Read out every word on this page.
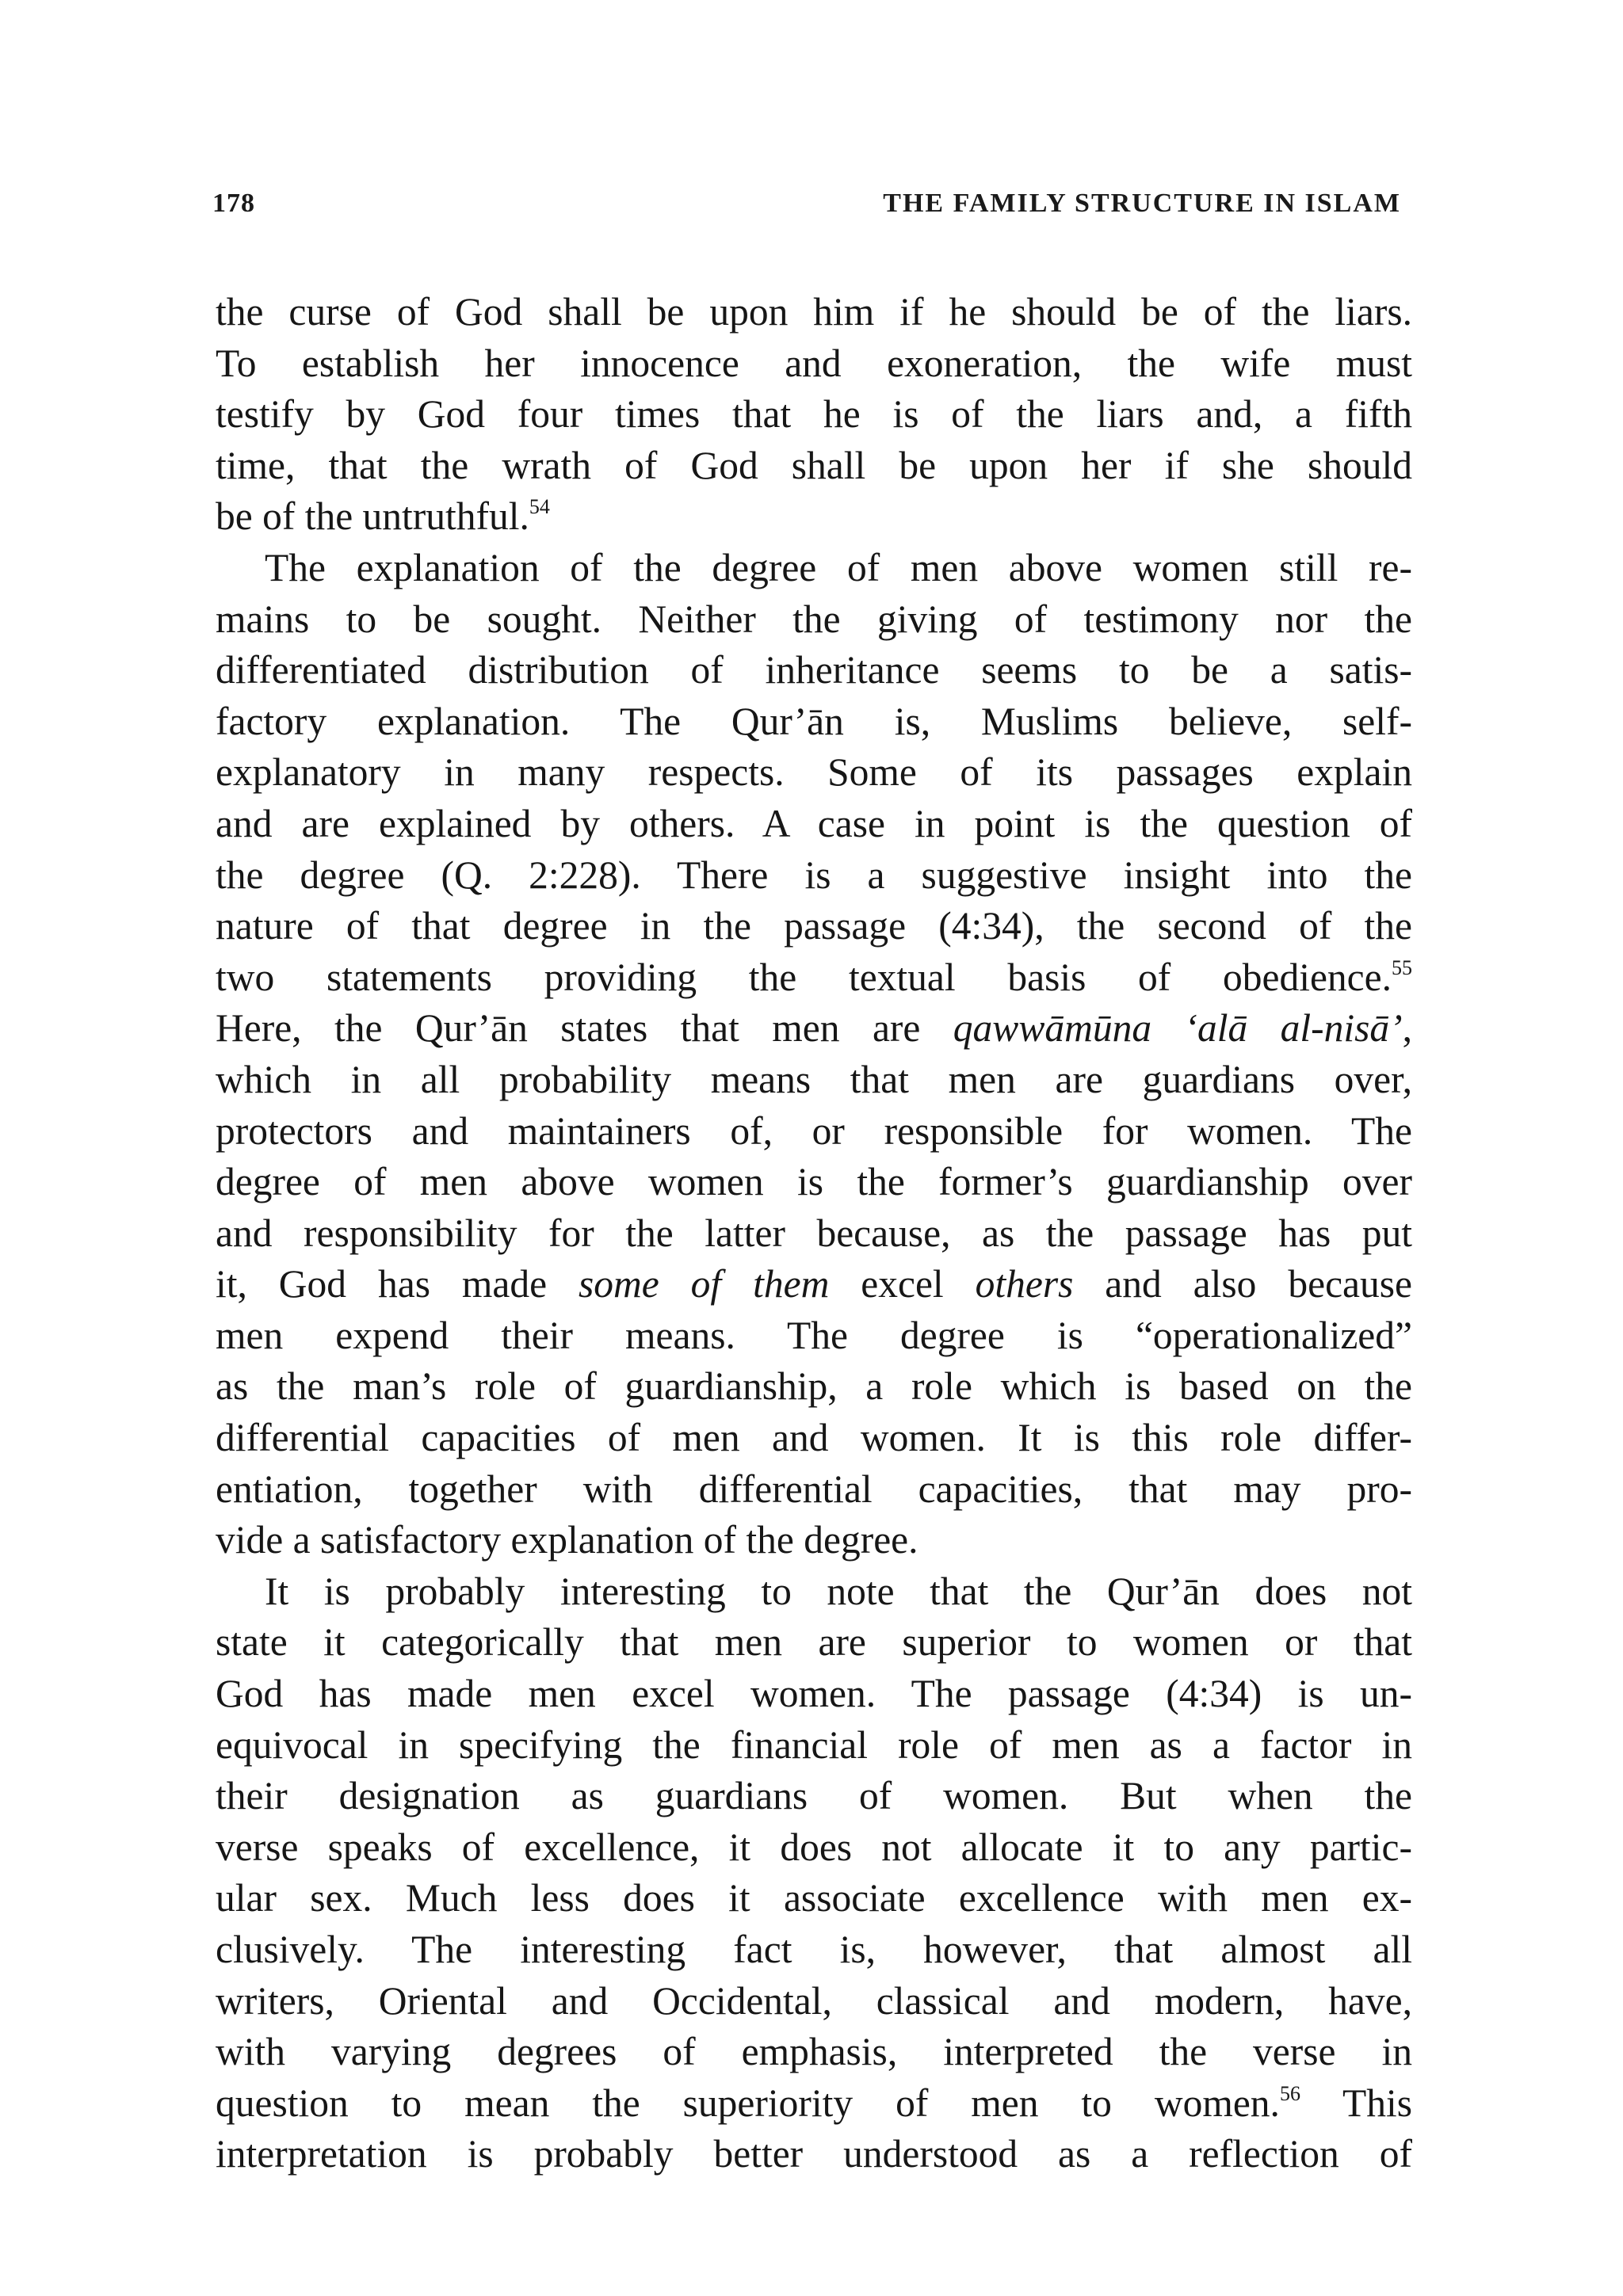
178	THE FAMILY STRUCTURE IN ISLAM
the curse of God shall be upon him if he should be of the liars.
To establish her innocence and exoneration, the wife must
testify by God four times that he is of the liars and, a fifth
time, that the wrath of God shall be upon her if she should
be of the untruthful.$^{54}$
The explanation of the degree of men above women still re-
mains to be sought. Neither the giving of testimony nor the
differentiated distribution of inheritance seems to be a satis-
factory explanation. The Qur’ān is, Muslims believe, self-
explanatory in many respects. Some of its passages explain
and are explained by others. A case in point is the question of
the degree (Q. 2:228). There is a suggestive insight into the
nature of that degree in the passage (4:34), the second of the
two statements providing the textual basis of obedience.$^{55}$
Here, the Qur’ān states that men are qawwāmūna ‘alā al-nisā’,
which in all probability means that men are guardians over,
protectors and maintainers of, or responsible for women. The
degree of men above women is the former’s guardianship over
and responsibility for the latter because, as the passage has put
it, God has made some of them excel others and also because
men expend their means. The degree is “operationalized”
as the man’s role of guardianship, a role which is based on the
differential capacities of men and women. It is this role differ-
entiation, together with differential capacities, that may pro-
vide a satisfactory explanation of the degree.
It is probably interesting to note that the Qur’ān does not
state it categorically that men are superior to women or that
God has made men excel women. The passage (4:34) is un-
equivocal in specifying the financial role of men as a factor in
their designation as guardians of women. But when the
verse speaks of excellence, it does not allocate it to any partic-
ular sex. Much less does it associate excellence with men ex-
clusively. The interesting fact is, however, that almost all
writers, Oriental and Occidental, classical and modern, have,
with varying degrees of emphasis, interpreted the verse in
question to mean the superiority of men to women.$^{56}$ This
interpretation is probably better understood as a reflection of
